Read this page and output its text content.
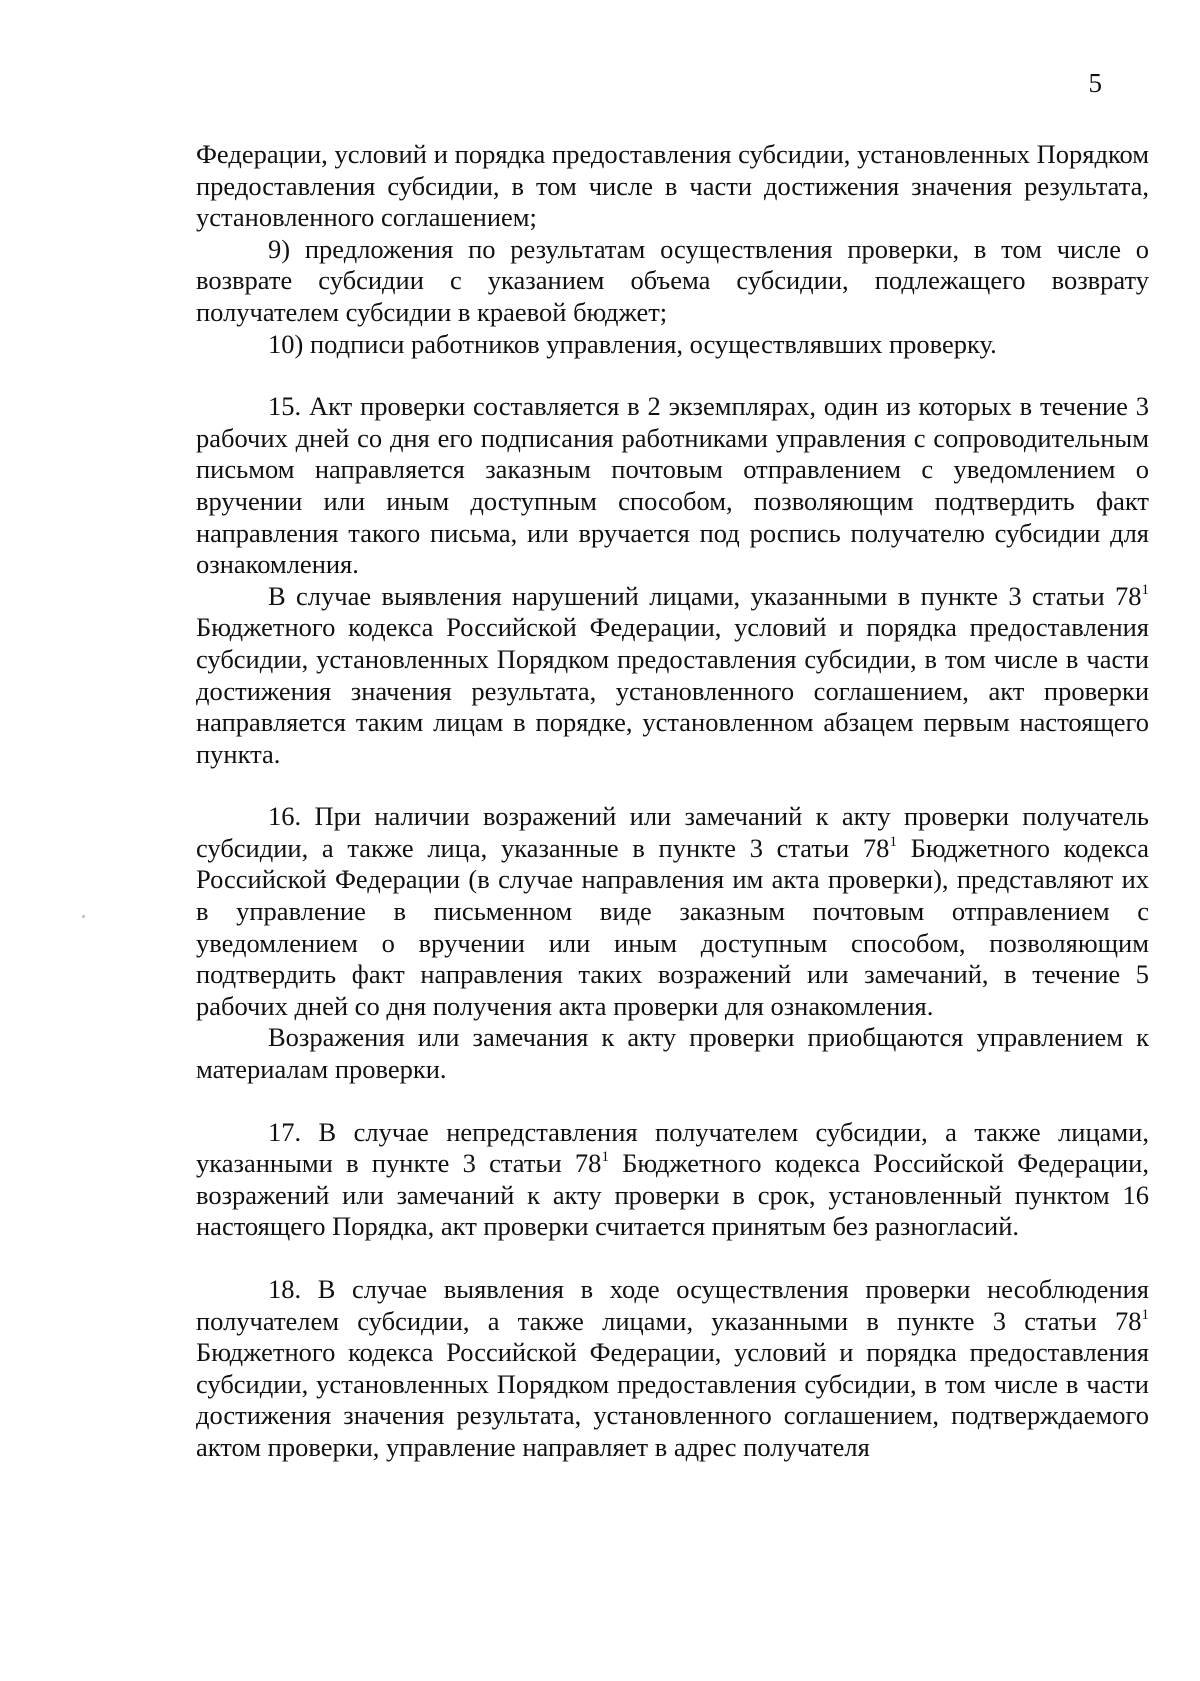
5

Федерации, условий и порядка предоставления субсидии, установленных Порядком предоставления субсидии, в том числе в части достижения значения результата, установленного соглашением;

9) предложения по результатам осуществления проверки, в том числе о возврате субсидии с указанием объема субсидии, подлежащего возврату получателем субсидии в краевой бюджет;

10) подписи работников управления, осуществлявших проверку.

15. Акт проверки составляется в 2 экземплярах, один из которых в течение 3 рабочих дней со дня его подписания работниками управления с сопроводительным письмом направляется заказным почтовым отправлением с уведомлением о вручении или иным доступным способом, позволяющим подтвердить факт направления такого письма, или вручается под роспись получателю субсидии для ознакомления.

В случае выявления нарушений лицами, указанными в пункте 3 статьи $78^1$ Бюджетного кодекса Российской Федерации, условий и порядка предоставления субсидии, установленных Порядком предоставления субсидии, в том числе в части достижения значения результата, установленного соглашением, акт проверки направляется таким лицам в порядке, установленном абзацем первым настоящего пункта.

16. При наличии возражений или замечаний к акту проверки получатель субсидии, а также лица, указанные в пункте 3 статьи $78^1$ Бюджетного кодекса Российской Федерации (в случае направления им акта проверки), представляют их в управление в письменном виде заказным почтовым отправлением с уведомлением о вручении или иным доступным способом, позволяющим подтвердить факт направления таких возражений или замечаний, в течение 5 рабочих дней со дня получения акта проверки для ознакомления.

Возражения или замечания к акту проверки приобщаются управлением к материалам проверки.

17. В случае непредставления получателем субсидии, а также лицами, указанными в пункте 3 статьи $78^1$ Бюджетного кодекса Российской Федерации, возражений или замечаний к акту проверки в срок, установленный пунктом 16 настоящего Порядка, акт проверки считается принятым без разногласий.

18. В случае выявления в ходе осуществления проверки несоблюдения получателем субсидии, а также лицами, указанными в пункте 3 статьи $78^1$ Бюджетного кодекса Российской Федерации, условий и порядка предоставления субсидии, установленных Порядком предоставления субсидии, в том числе в части достижения значения результата, установленного соглашением, подтверждаемого актом проверки, управление направляет в адрес получателя
